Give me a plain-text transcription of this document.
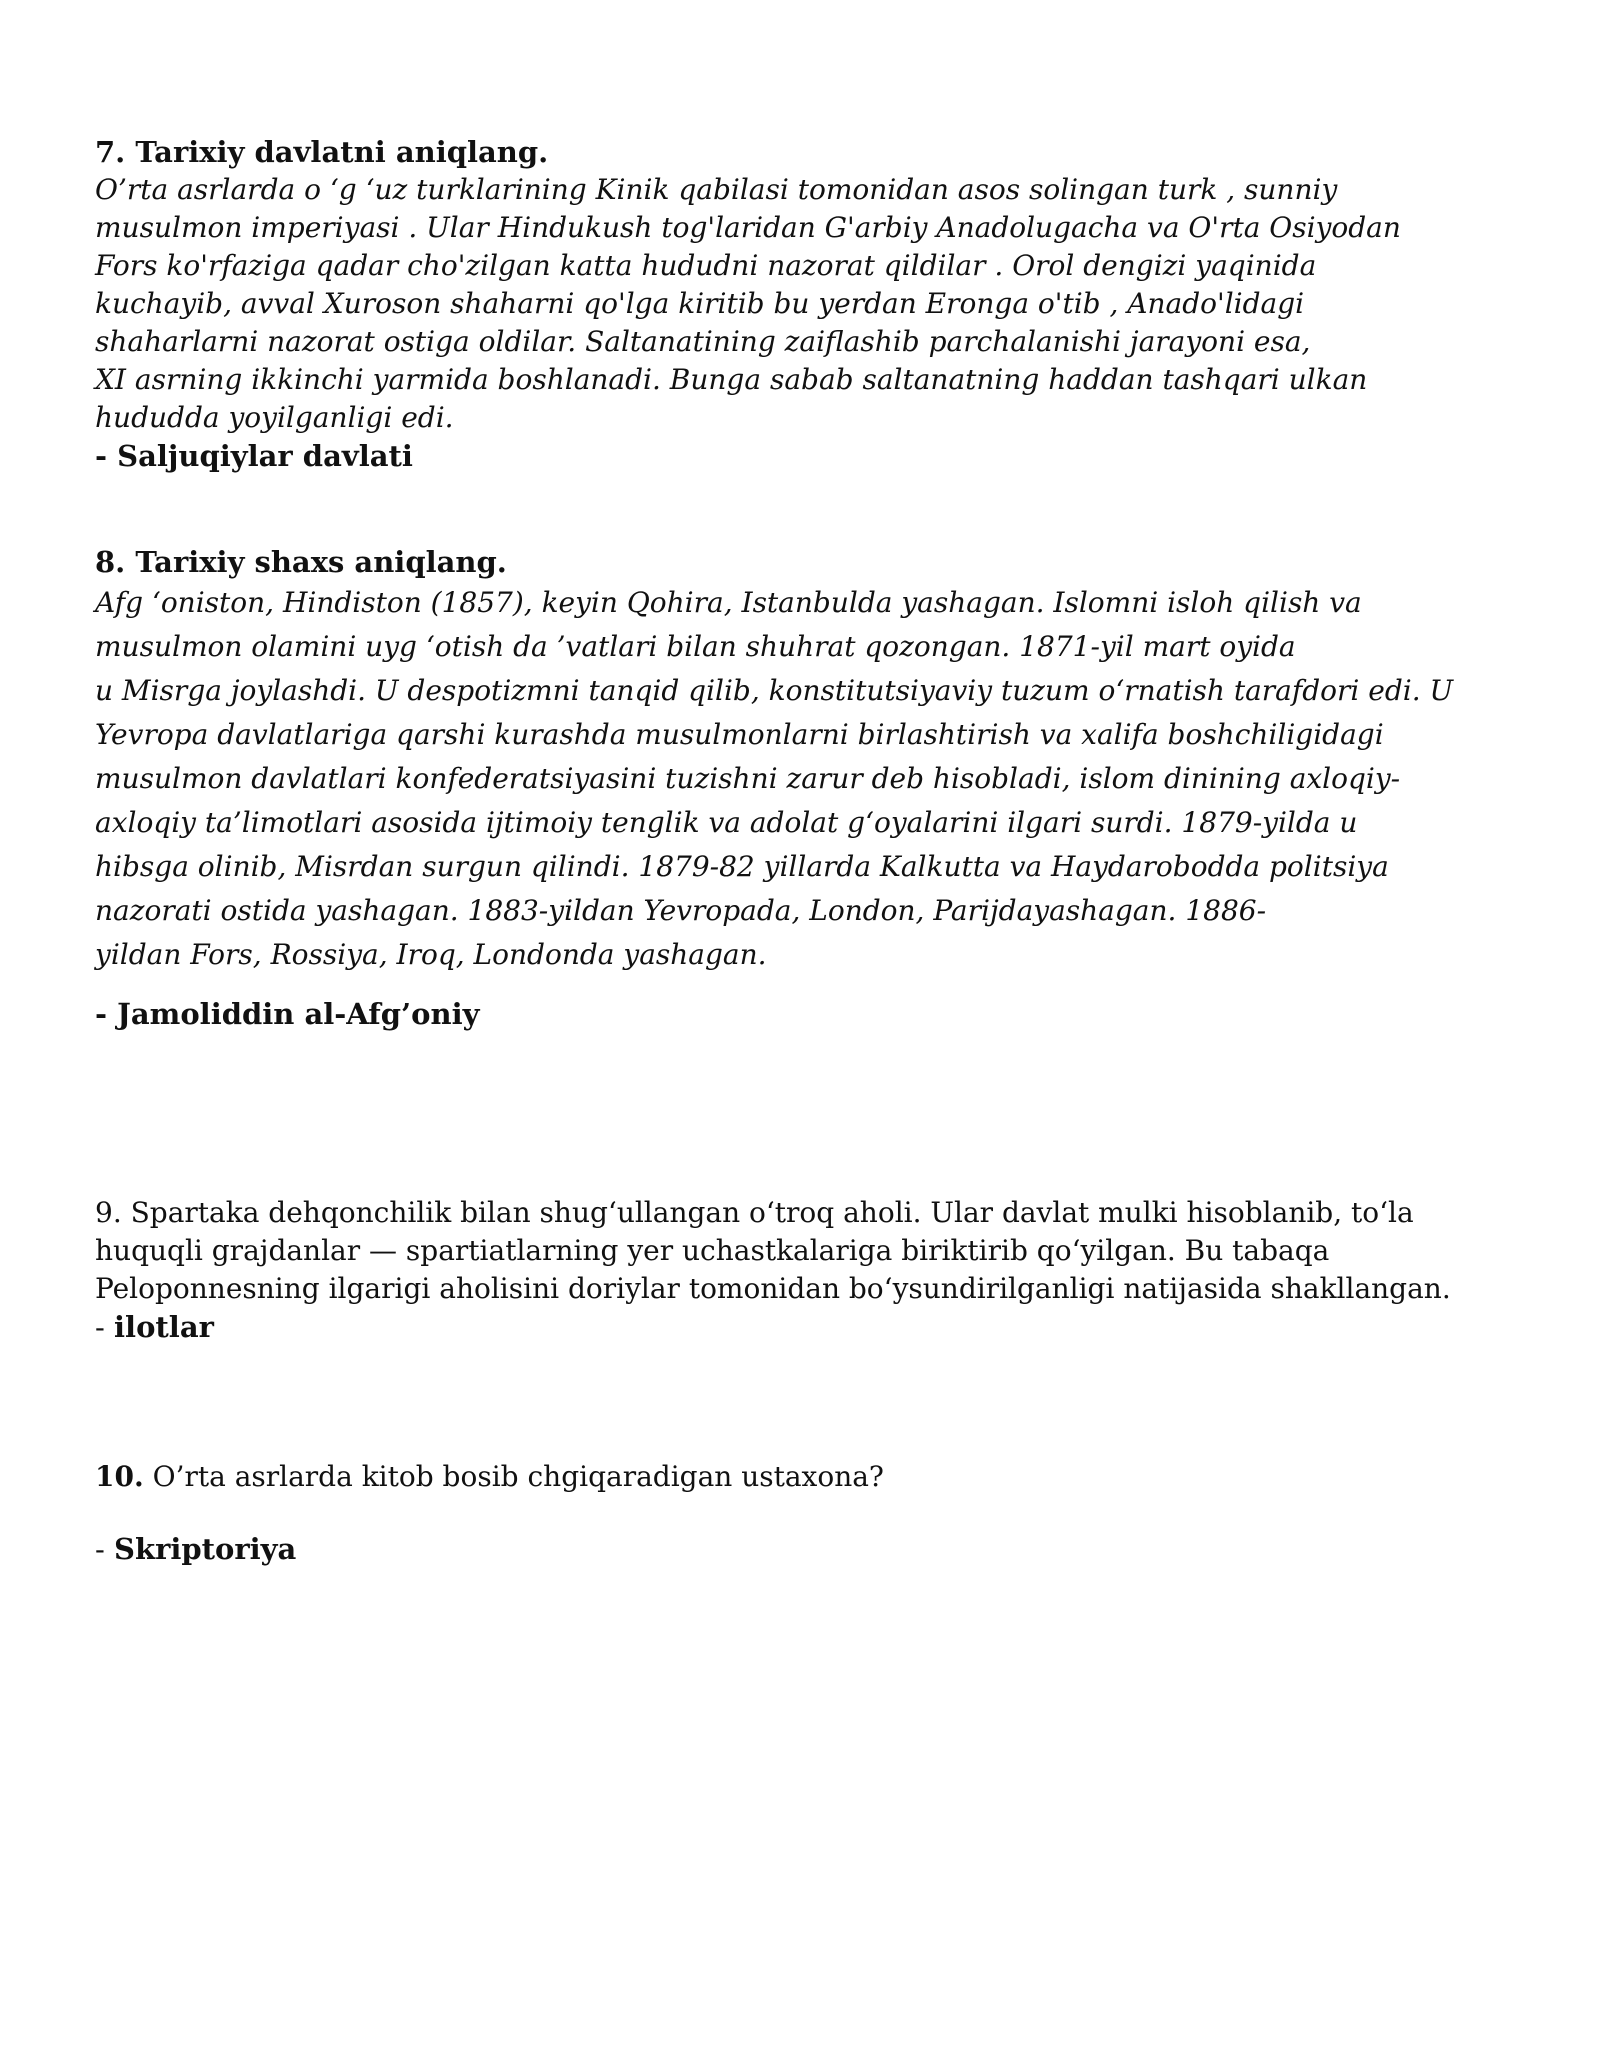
7. Tarixiy davlatni aniqlang.

O’rta asrlarda o ‘g ‘uz turklarining Kinik qabilasi tomonidan asos solingan turk , sunniy

musulmon imperiyasi . Ular Hindukush tog'laridan G'arbiy Anadolugacha va O'rta Osiyodan

Fors ko'rfaziga qadar cho'zilgan katta hududni nazorat qildilar . Orol dengizi yaqinida

kuchayib, avval Xuroson shaharni qo'lga kiritib bu yerdan Eronga o'tib , Anado'lidagi

shaharlarni nazorat ostiga oldilar. Saltanatining zaiflashib parchalanishi jarayoni esa,

XI asrning ikkinchi yarmida boshlanadi. Bunga sabab saltanatning haddan tashqari ulkan

hududda yoyilganligi edi.

- Saljuqiylar davlati

8. Tarixiy shaxs aniqlang.

Afg ‘oniston, Hindiston (1857), keyin Qohira, Istanbulda yashagan. Islomni isloh qilish va

musulmon olamini uyg ‘otish da ’vatlari bilan shuhrat qozongan. 1871-yil mart oyida

u Misrga joylashdi. U despotizmni tanqid qilib, konstitutsiyaviy tuzum o‘rnatish tarafdori edi. U

Yevropa davlatlariga qarshi kurashda musulmonlarni birlashtirish va xalifa boshchiligidagi

musulmon davlatlari konfederatsiyasini tuzishni zarur deb hisobladi, islom dinining axloqiy-

axloqiy ta’limotlari asosida ijtimoiy tenglik va adolat g‘oyalarini ilgari surdi. 1879-yilda u

hibsga olinib, Misrdan surgun qilindi. 1879-82 yillarda Kalkutta va Haydarobodda politsiya

nazorati ostida yashagan. 1883-yildan Yevropada, London, Parijdayashagan. 1886-

yildan Fors, Rossiya, Iroq, Londonda yashagan.

- Jamoliddin al-Afg’oniy

9. Spartaka dehqonchilik bilan shug‘ullangan o‘troq aholi. Ular davlat mulki hisoblanib, to‘la

huquqli grajdanlar — spartiatlarning yer uchastkalariga biriktirib qo‘yilgan. Bu tabaqa

Peloponnesning ilgarigi aholisini doriylar tomonidan bo‘ysundirilganligi natijasida shakllangan.

- ilotlar

10. O’rta asrlarda kitob bosib chgiqaradigan ustaxona?

- Skriptoriya
